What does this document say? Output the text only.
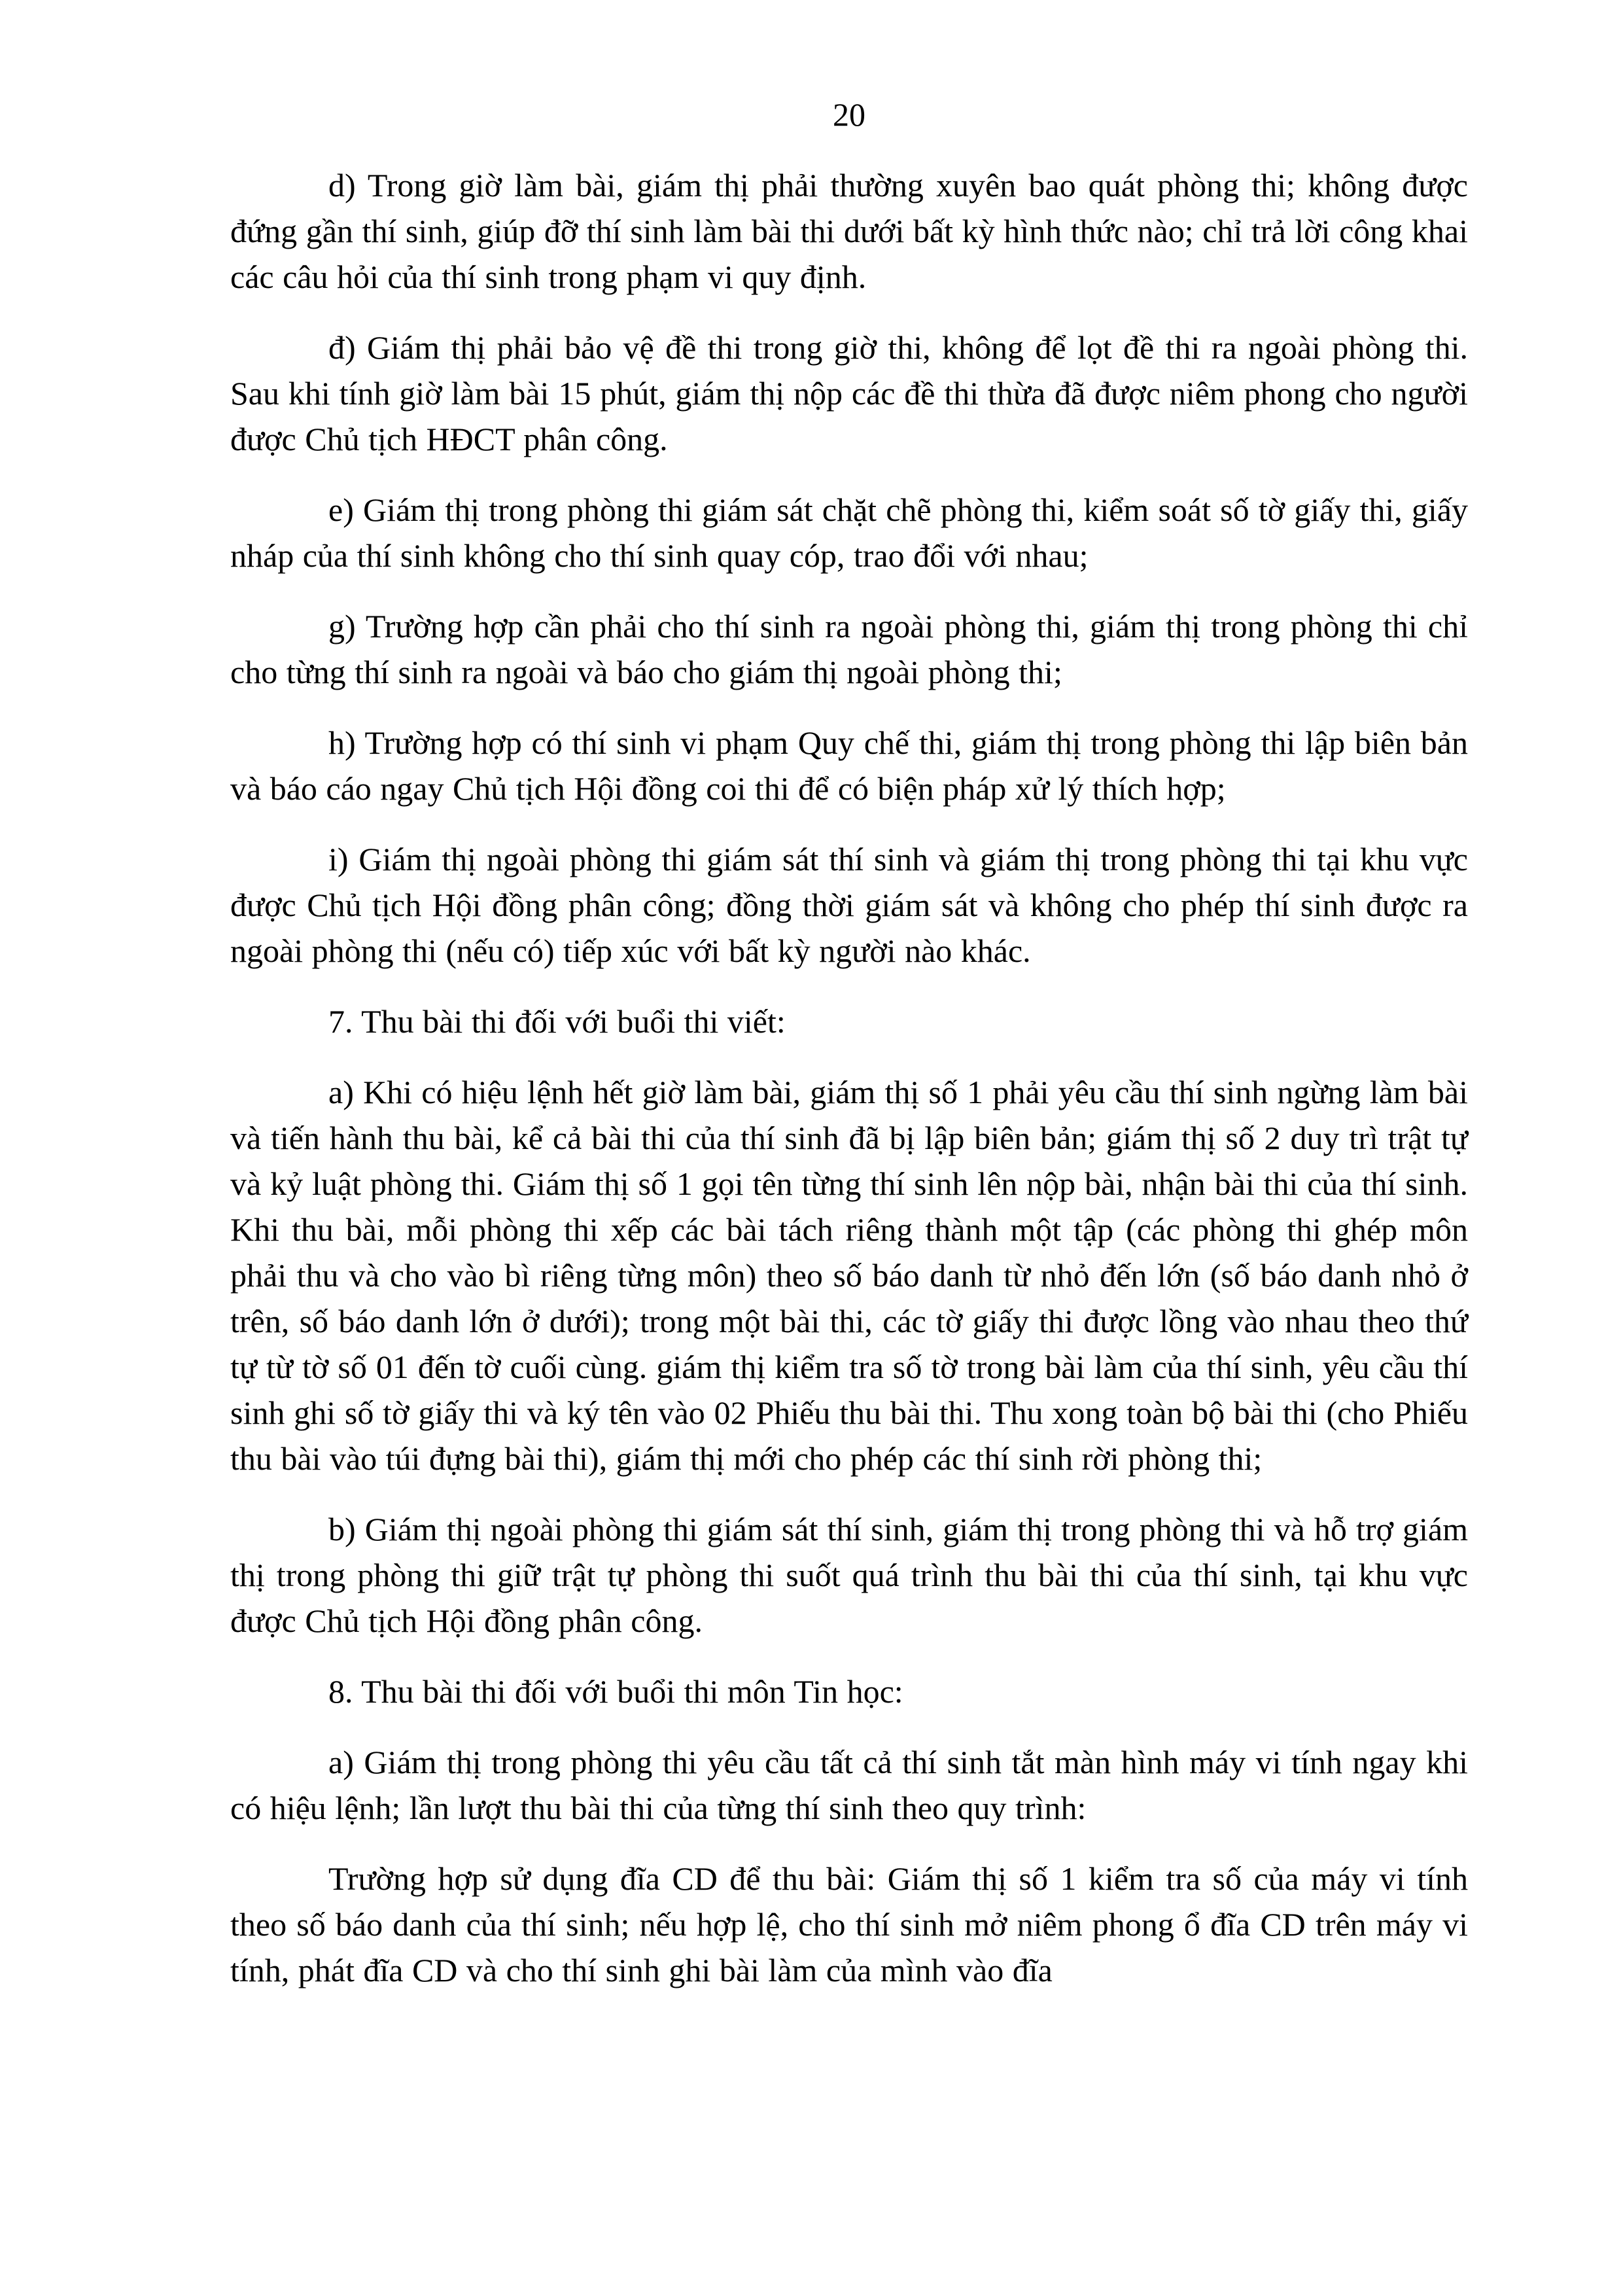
20

d) Trong giờ làm bài, giám thị phải thường xuyên bao quát phòng thi; không được đứng gần thí sinh, giúp đỡ thí sinh làm bài thi dưới bất kỳ hình thức nào; chỉ trả lời công khai các câu hỏi của thí sinh trong phạm vi quy định.

đ) Giám thị phải bảo vệ đề thi trong giờ thi, không để lọt đề thi ra ngoài phòng thi. Sau khi tính giờ làm bài 15 phút, giám thị nộp các đề thi thừa đã được niêm phong cho người được Chủ tịch HĐCT phân công.

e) Giám thị trong phòng thi giám sát chặt chẽ phòng thi, kiểm soát số tờ giấy thi, giấy nháp của thí sinh không cho thí sinh quay cóp, trao đổi với nhau;

g) Trường hợp cần phải cho thí sinh ra ngoài phòng thi, giám thị trong phòng thi chỉ cho từng thí sinh ra ngoài và báo cho giám thị ngoài phòng thi;

h) Trường hợp có thí sinh vi phạm Quy chế thi, giám thị trong phòng thi lập biên bản và báo cáo ngay Chủ tịch Hội đồng coi thi để có biện pháp xử lý thích hợp;

i) Giám thị ngoài phòng thi giám sát thí sinh và giám thị trong phòng thi tại khu vực được Chủ tịch Hội đồng phân công; đồng thời giám sát và không cho phép thí sinh được ra ngoài phòng thi (nếu có) tiếp xúc với bất kỳ người nào khác.

7. Thu bài thi đối với buổi thi viết:

a) Khi có hiệu lệnh hết giờ làm bài, giám thị số 1 phải yêu cầu thí sinh ngừng làm bài và tiến hành thu bài, kể cả bài thi của thí sinh đã bị lập biên bản; giám thị số 2 duy trì trật tự và kỷ luật phòng thi. Giám thị số 1 gọi tên từng thí sinh lên nộp bài, nhận bài thi của thí sinh. Khi thu bài, mỗi phòng thi xếp các bài tách riêng thành một tập (các phòng thi ghép môn phải thu và cho vào bì riêng từng môn) theo số báo danh từ nhỏ đến lớn (số báo danh nhỏ ở trên, số báo danh lớn ở dưới); trong một bài thi, các tờ giấy thi được lồng vào nhau theo thứ tự từ tờ số 01 đến tờ cuối cùng. giám thị kiểm tra số tờ trong bài làm của thí sinh, yêu cầu thí sinh ghi số tờ giấy thi và ký tên vào 02 Phiếu thu bài thi. Thu xong toàn bộ bài thi (cho Phiếu thu bài vào túi đựng bài thi), giám thị mới cho phép các thí sinh rời phòng thi;

b) Giám thị ngoài phòng thi giám sát thí sinh, giám thị trong phòng thi và hỗ trợ giám thị trong phòng thi giữ trật tự phòng thi suốt quá trình thu bài thi của thí sinh, tại khu vực được Chủ tịch Hội đồng phân công.

8. Thu bài thi đối với buổi thi môn Tin học:

a) Giám thị trong phòng thi yêu cầu tất cả thí sinh tắt màn hình máy vi tính ngay khi có hiệu lệnh; lần lượt thu bài thi của từng thí sinh theo quy trình:

Trường hợp sử dụng đĩa CD để thu bài: Giám thị số 1 kiểm tra số của máy vi tính theo số báo danh của thí sinh; nếu hợp lệ, cho thí sinh mở niêm phong ổ đĩa CD trên máy vi tính, phát đĩa CD và cho thí sinh ghi bài làm của mình vào đĩa
